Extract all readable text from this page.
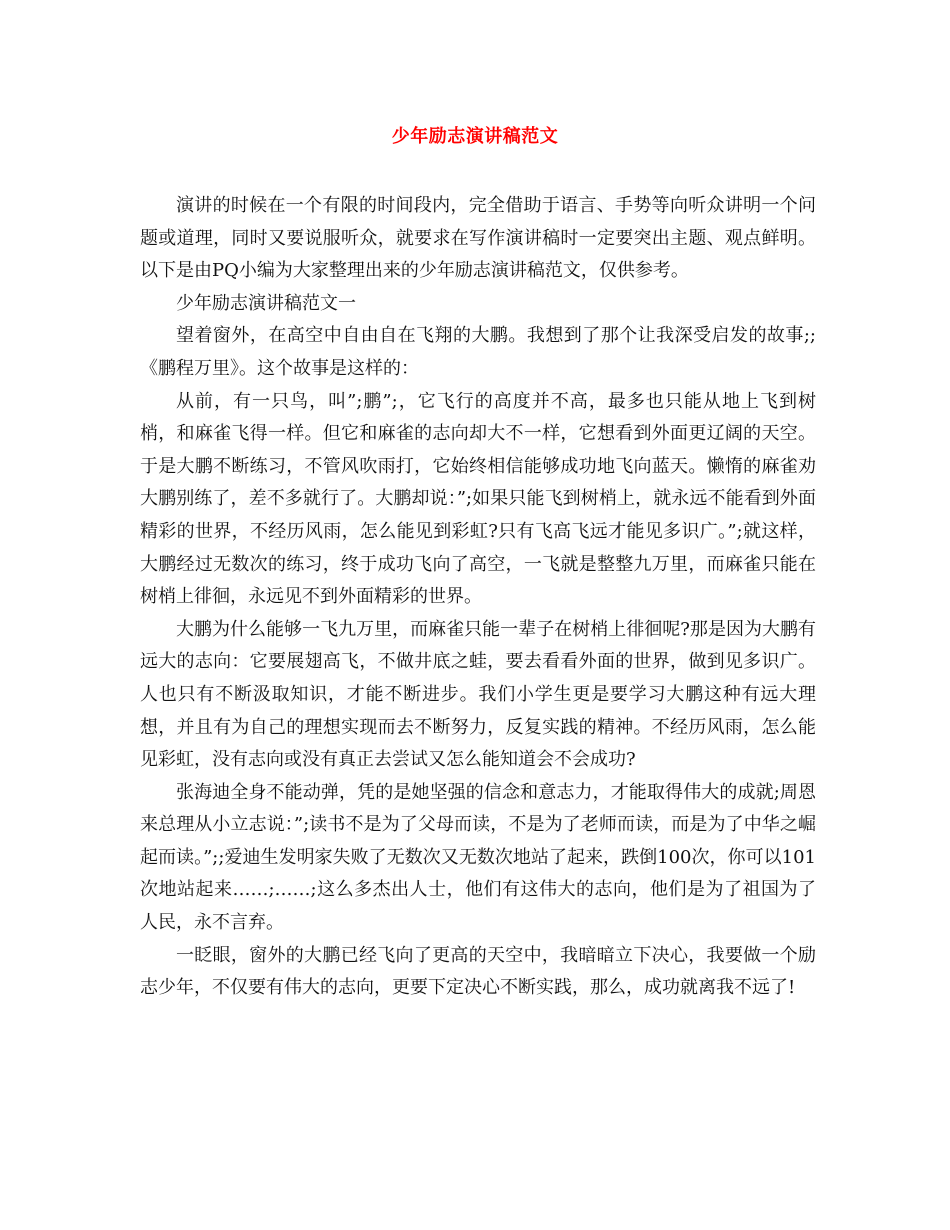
少年励志演讲稿范文

演讲的时候在一个有限的时间段内，完全借助于语言、手势等向听众讲明一个问题或道理，同时又要说服听众，就要求在写作演讲稿时一定要突出主题、观点鲜明。以下是由PQ小编为大家整理出来的少年励志演讲稿范文，仅供参考。

少年励志演讲稿范文一

望着窗外，在高空中自由自在飞翔的大鹏。我想到了那个让我深受启发的故事;;《鹏程万里》。这个故事是这样的：

从前，有一只鸟，叫”;鹏”;，它飞行的高度并不高，最多也只能从地上飞到树梢，和麻雀飞得一样。但它和麻雀的志向却大不一样，它想看到外面更辽阔的天空。于是大鹏不断练习，不管风吹雨打，它始终相信能够成功地飞向蓝天。懒惰的麻雀劝大鹏别练了，差不多就行了。大鹏却说：”;如果只能飞到树梢上，就永远不能看到外面精彩的世界，不经历风雨，怎么能见到彩虹?只有飞高飞远才能见多识广。”;就这样，大鹏经过无数次的练习，终于成功飞向了高空，一飞就是整整九万里，而麻雀只能在树梢上徘徊，永远见不到外面精彩的世界。

大鹏为什么能够一飞九万里，而麻雀只能一辈子在树梢上徘徊呢?那是因为大鹏有远大的志向：它要展翅高飞，不做井底之蛙，要去看看外面的世界，做到见多识广。人也只有不断汲取知识，才能不断进步。我们小学生更是要学习大鹏这种有远大理想，并且有为自己的理想实现而去不断努力，反复实践的精神。不经历风雨，怎么能见彩虹，没有志向或没有真正去尝试又怎么能知道会不会成功?

张海迪全身不能动弹，凭的是她坚强的信念和意志力，才能取得伟大的成就;周恩来总理从小立志说：”;读书不是为了父母而读，不是为了老师而读，而是为了中华之崛起而读。”;;爱迪生发明家失败了无数次又无数次地站了起来，跌倒100次，你可以101次地站起来……;……;这么多杰出人士，他们有这伟大的志向，他们是为了祖国为了人民，永不言弃。

一眨眼，窗外的大鹏已经飞向了更高的天空中，我暗暗立下决心，我要做一个励志少年，不仅要有伟大的志向，更要下定决心不断实践，那么，成功就离我不远了!
